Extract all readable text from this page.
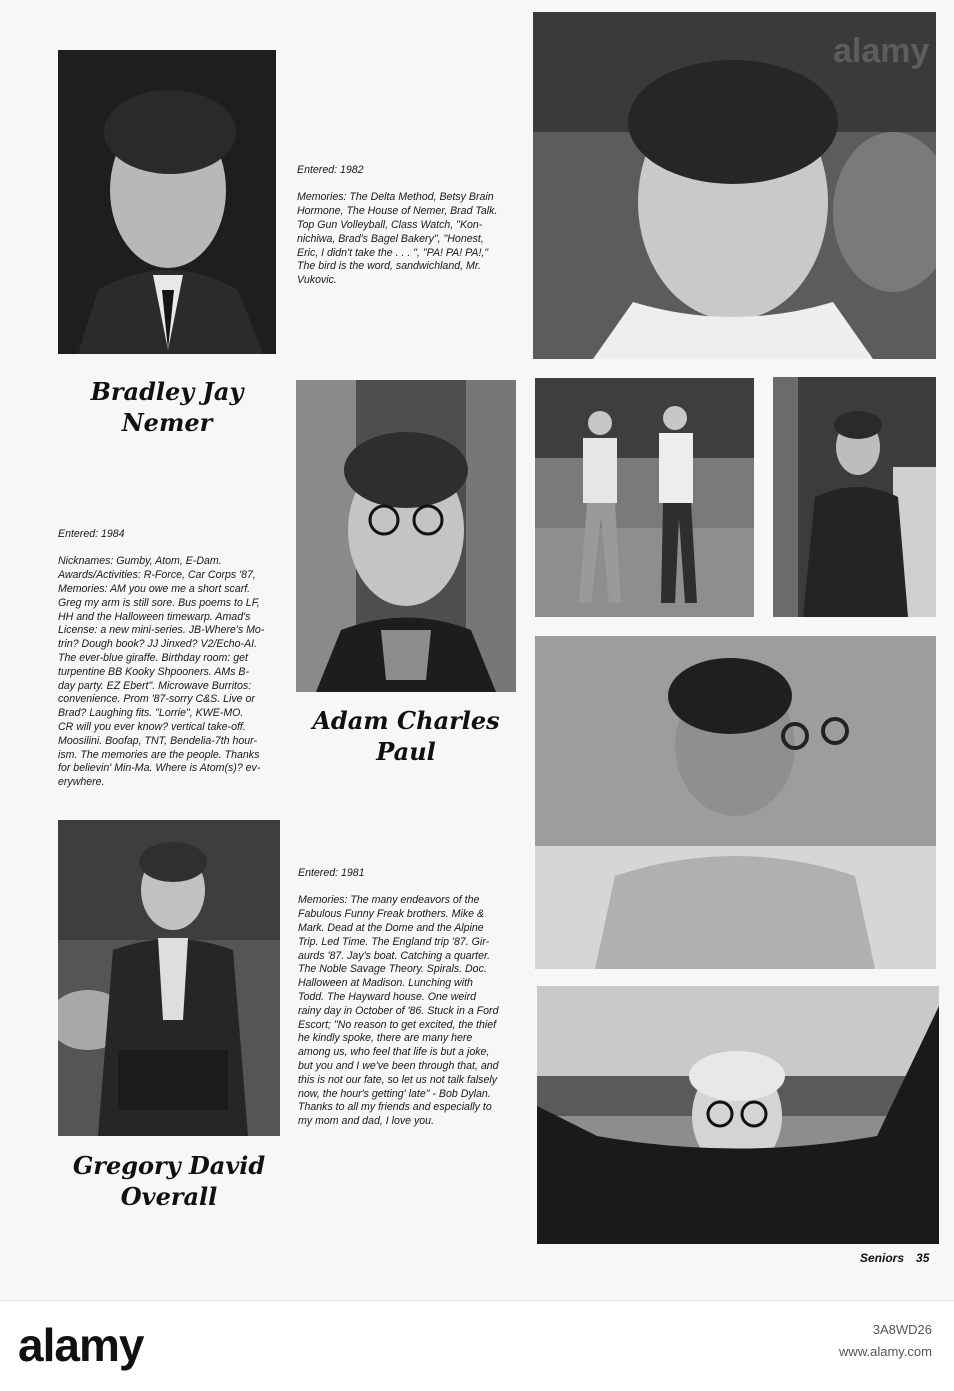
Bradley Jay
Nemer

Entered: 1982

Memories: The Delta Method, Betsy Brain
Hormone, The House of Nemer, Brad Talk.
Top Gun Volleyball, Class Watch, "Kon-
nichiwa, Brad's Bagel Bakery", "Honest,
Eric, I didn't take the . . . ", "PA! PA! PA!,"
The bird is the word, sandwichland, Mr.
Vukovic.

alamy
Adam Charles
Paul

Entered: 1984

Nicknames: Gumby, Atom, E-Dam.
Awards/Activities: R-Force, Car Corps '87,
Memories: AM you owe me a short scarf.
Greg my arm is still sore. Bus poems to LF,
HH and the Halloween timewarp. Amad's
License: a new mini-series. JB-Where's Mo-
trin? Dough book? JJ Jinxed? V2/Echo-AI.
The ever-blue giraffe. Birthday room: get
turpentine BB Kooky Shpooners. AMs B-
day party. EZ Ebert". Microwave Burritos:
convenience. Prom '87-sorry C&S. Live or
Brad? Laughing fits. "Lorrie", KWE-MO.
CR will you ever know? vertical take-off.
Moosilini. Boofap, TNT, Bendelia-7th hour-
ism. The memories are the people. Thanks
for believin' Min-Ma. Where is Atom(s)? ev-
erywhere.

Gregory David
Overall

Entered: 1981

Memories: The many endeavors of the
Fabulous Funny Freak brothers. Mike &
Mark. Dead at the Dome and the Alpine
Trip. Led Time. The England trip '87. Gir-
aurds '87. Jay's boat. Catching a quarter.
The Noble Savage Theory. Spirals. Doc.
Halloween at Madison. Lunching with
Todd. The Hayward house. One weird
rainy day in October of '86. Stuck in a Ford
Escort; "No reason to get excited, the thief
he kindly spoke, there are many here
among us, who feel that life is but a joke,
but you and I we've been through that, and
this is not our fate, so let us not talk falsely
now, the hour's getting' late" - Bob Dylan.
Thanks to all my friends and especially to
my mom and dad, I love you.

Seniors 35
alamy	3A8WD26
www.alamy.com
